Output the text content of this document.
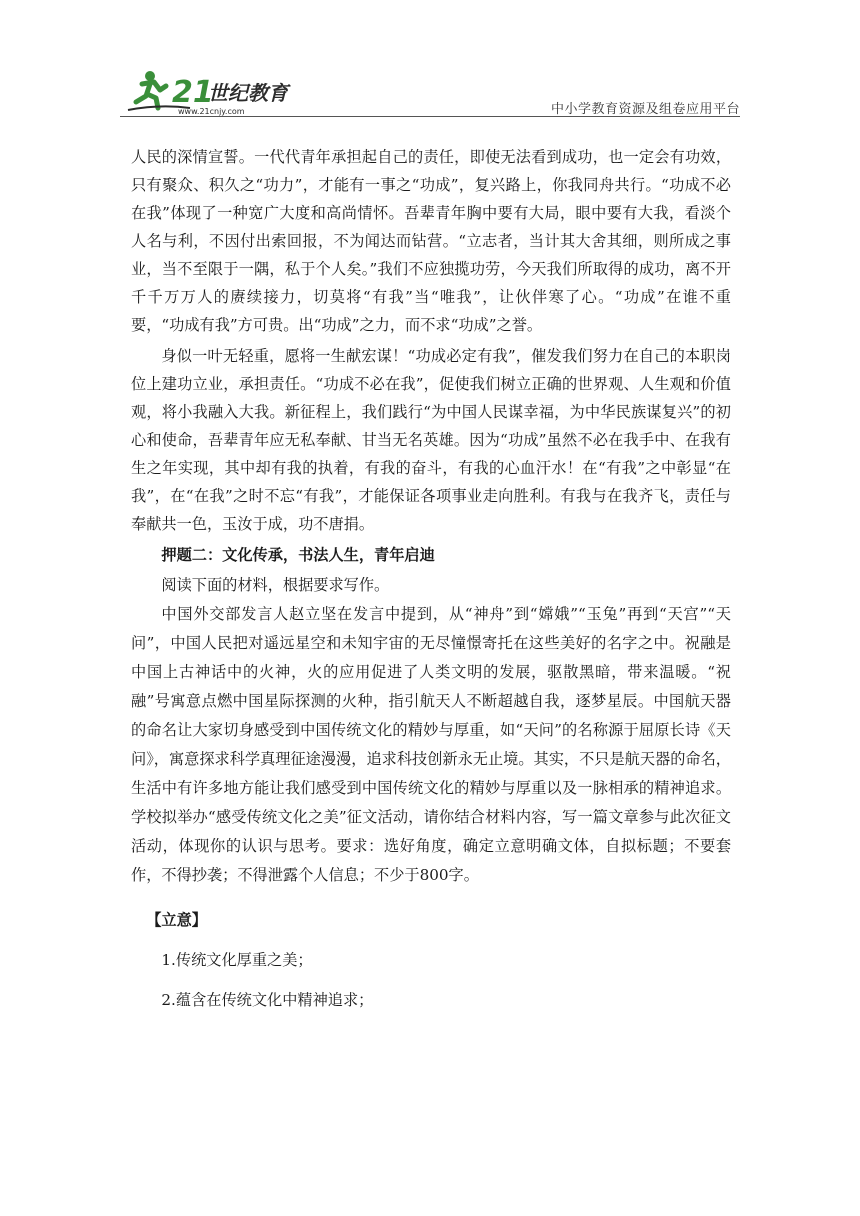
21
世纪教育
www.21cnjy.com	中小学教育资源及组卷应用平台

人民的深情宣誓。一代代青年承担起自己的责任，即使无法看到成功，也一定会有功效，只有聚众、积久之“功力”，才能有一事之“功成”，复兴路上，你我同舟共行。“功成不必在我”体现了一种宽广大度和高尚情怀。吾辈青年胸中要有大局，眼中要有大我，看淡个人名与利，不因付出索回报，不为闻达而钻营。“立志者，当计其大舍其细，则所成之事业，当不至限于一隅，私于个人矣。”我们不应独揽功劳，今天我们所取得的成功，离不开千千万万人的赓续接力，切莫将“有我”当“唯我”，让伙伴寒了心。“功成”在谁不重要，“功成有我”方可贵。出“功成”之力，而不求“功成”之誉。

身似一叶无轻重，愿将一生献宏谋！“功成必定有我”，催发我们努力在自己的本职岗位上建功立业，承担责任。“功成不必在我”，促使我们树立正确的世界观、人生观和价值观，将小我融入大我。新征程上，我们践行“为中国人民谋幸福，为中华民族谋复兴”的初心和使命，吾辈青年应无私奉献、甘当无名英雄。因为“功成”虽然不必在我手中、在我有生之年实现，其中却有我的执着，有我的奋斗，有我的心血汗水！在“有我”之中彰显“在我”，在“在我”之时不忘“有我”，才能保证各项事业走向胜利。有我与在我齐飞，责任与奉献共一色，玉汝于成，功不唐捐。

押题二：文化传承，书法人生，青年启迪

阅读下面的材料，根据要求写作。

中国外交部发言人赵立坚在发言中提到，从“神舟”到“嫦娥”“玉兔”再到“天宫”“天问”，中国人民把对遥远星空和未知宇宙的无尽憧憬寄托在这些美好的名字之中。祝融是中国上古神话中的火神，火的应用促进了人类文明的发展，驱散黑暗，带来温暖。“祝融”号寓意点燃中国星际探测的火种，指引航天人不断超越自我，逐梦星辰。中国航天器的命名让大家切身感受到中国传统文化的精妙与厚重，如“天问”的名称源于屈原长诗《天问》，寓意探求科学真理征途漫漫，追求科技创新永无止境。其实，不只是航天器的命名，生活中有许多地方能让我们感受到中国传统文化的精妙与厚重以及一脉相承的精神追求。学校拟举办“感受传统文化之美”征文活动，请你结合材料内容，写一篇文章参与此次征文活动，体现你的认识与思考。要求：选好角度，确定立意明确文体，自拟标题；不要套作，不得抄袭；不得泄露个人信息；不少于800字。

【立意】

1.传统文化厚重之美；

2.蕴含在传统文化中精神追求；
